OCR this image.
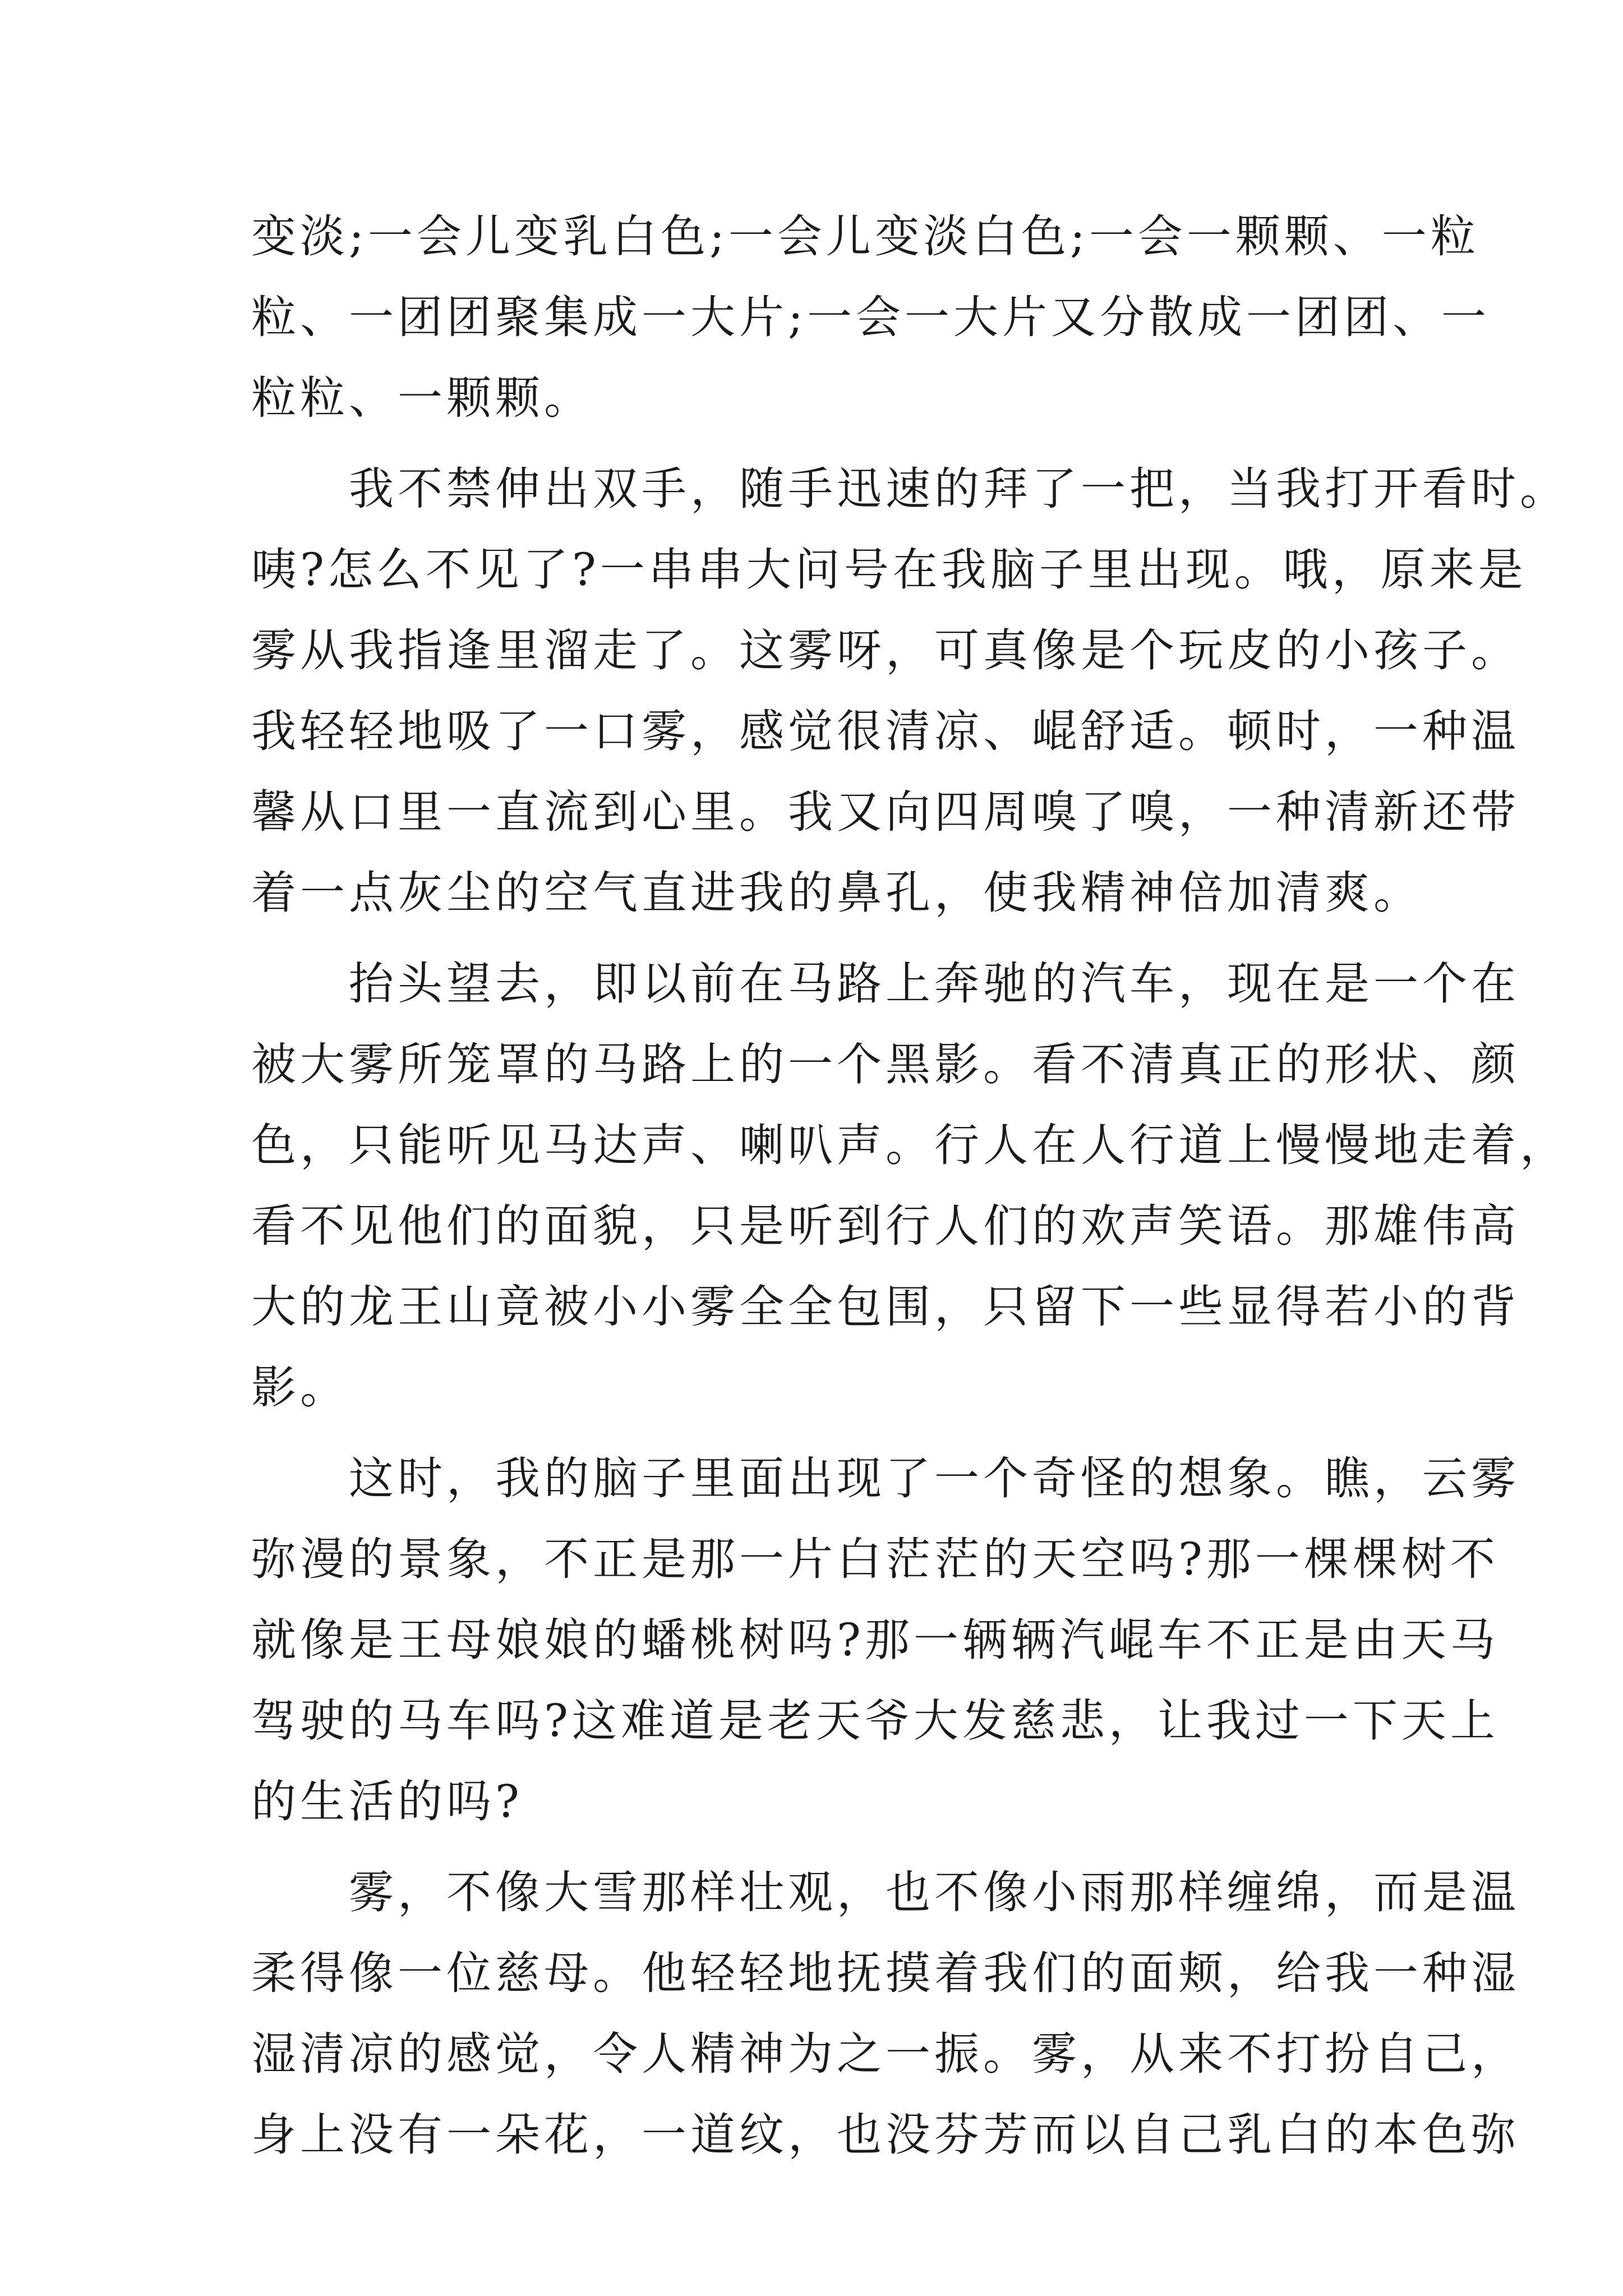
变淡;一会儿变乳白色;一会儿变淡白色;一会一颗颗、一粒
粒、一团团聚集成一大片;一会一大片又分散成一团团、一
粒粒、一颗颗。
　　我不禁伸出双手，随手迅速的拜了一把，当我打开看时。
咦?怎么不见了?一串串大问号在我脑子里出现。哦，原来是
雾从我指逢里溜走了。这雾呀，可真像是个玩皮的小孩子。
我轻轻地吸了一口雾，感觉很清凉、崐舒适。顿时，一种温
馨从口里一直流到心里。我又向四周嗅了嗅，一种清新还带
着一点灰尘的空气直进我的鼻孔，使我精神倍加清爽。
　　抬头望去，即以前在马路上奔驰的汽车，现在是一个在
被大雾所笼罩的马路上的一个黑影。看不清真正的形状、颜
色，只能听见马达声、喇叭声。行人在人行道上慢慢地走着，
看不见他们的面貌，只是听到行人们的欢声笑语。那雄伟高
大的龙王山竟被小小雾全全包围，只留下一些显得若小的背
影。
　　这时，我的脑子里面出现了一个奇怪的想象。瞧，云雾
弥漫的景象，不正是那一片白茫茫的天空吗?那一棵棵树不
就像是王母娘娘的蟠桃树吗?那一辆辆汽崐车不正是由天马
驾驶的马车吗?这难道是老天爷大发慈悲，让我过一下天上
的生活的吗?
　　雾，不像大雪那样壮观，也不像小雨那样缠绵，而是温
柔得像一位慈母。他轻轻地抚摸着我们的面颊，给我一种湿
湿清凉的感觉，令人精神为之一振。雾，从来不打扮自己，
身上没有一朵花，一道纹，也没芬芳而以自己乳白的本色弥
